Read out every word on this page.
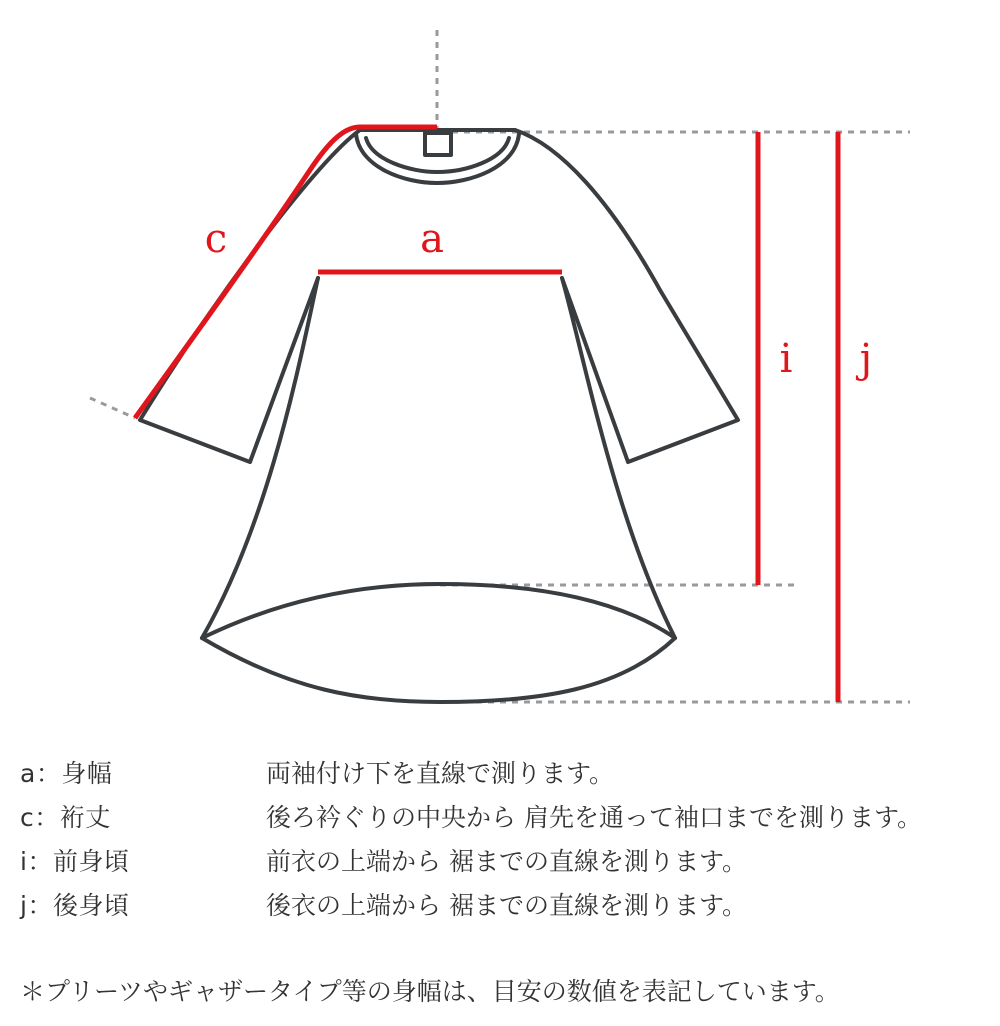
c	a
i j
a：身幅	両袖付け下を直線で測ります。
c：裄丈	後ろ衿ぐりの中央から 肩先を通って袖口までを測ります。
i：前身頃	前衣の上端から 裾までの直線を測ります。
j：後身頃	後衣の上端から 裾までの直線を測ります。
＊プリーツやギャザータイプ等の身幅は、目安の数値を表記しています。
